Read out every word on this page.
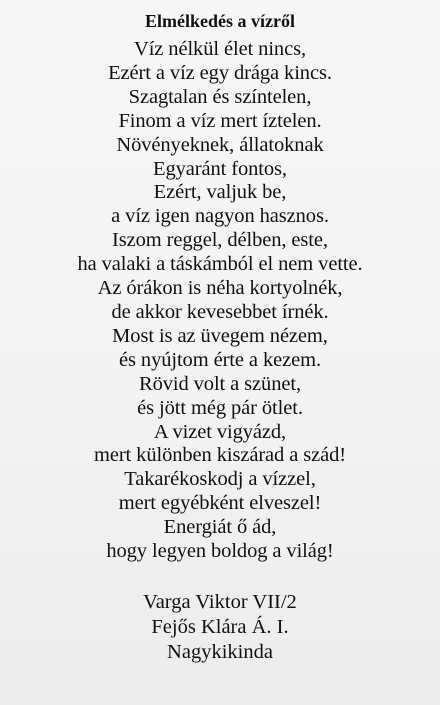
Elmélkedés a vízről
Víz nélkül élet nincs,
Ezért a víz egy drága kincs.
Szagtalan és színtelen,
Finom a víz mert íztelen.
Növényeknek, állatoknak
Egyaránt fontos,
Ezért, valjuk be,
a víz igen nagyon hasznos.
Iszom reggel, délben, este,
ha valaki a táskámból el nem vette.
Az órákon is néha kortyolnék,
de akkor kevesebbet írnék.
Most is az üvegem nézem,
és nyújtom érte a kezem.
Rövid volt a szünet,
és jött még pár ötlet.
A vizet vigyázd,
mert különben kiszárad a szád!
Takarékoskodj a vízzel,
mert egyébként elveszel!
Energiát ő ád,
hogy legyen boldog a világ!
Varga Viktor VII/2
Fejős Klára Á. I.
Nagykikinda
